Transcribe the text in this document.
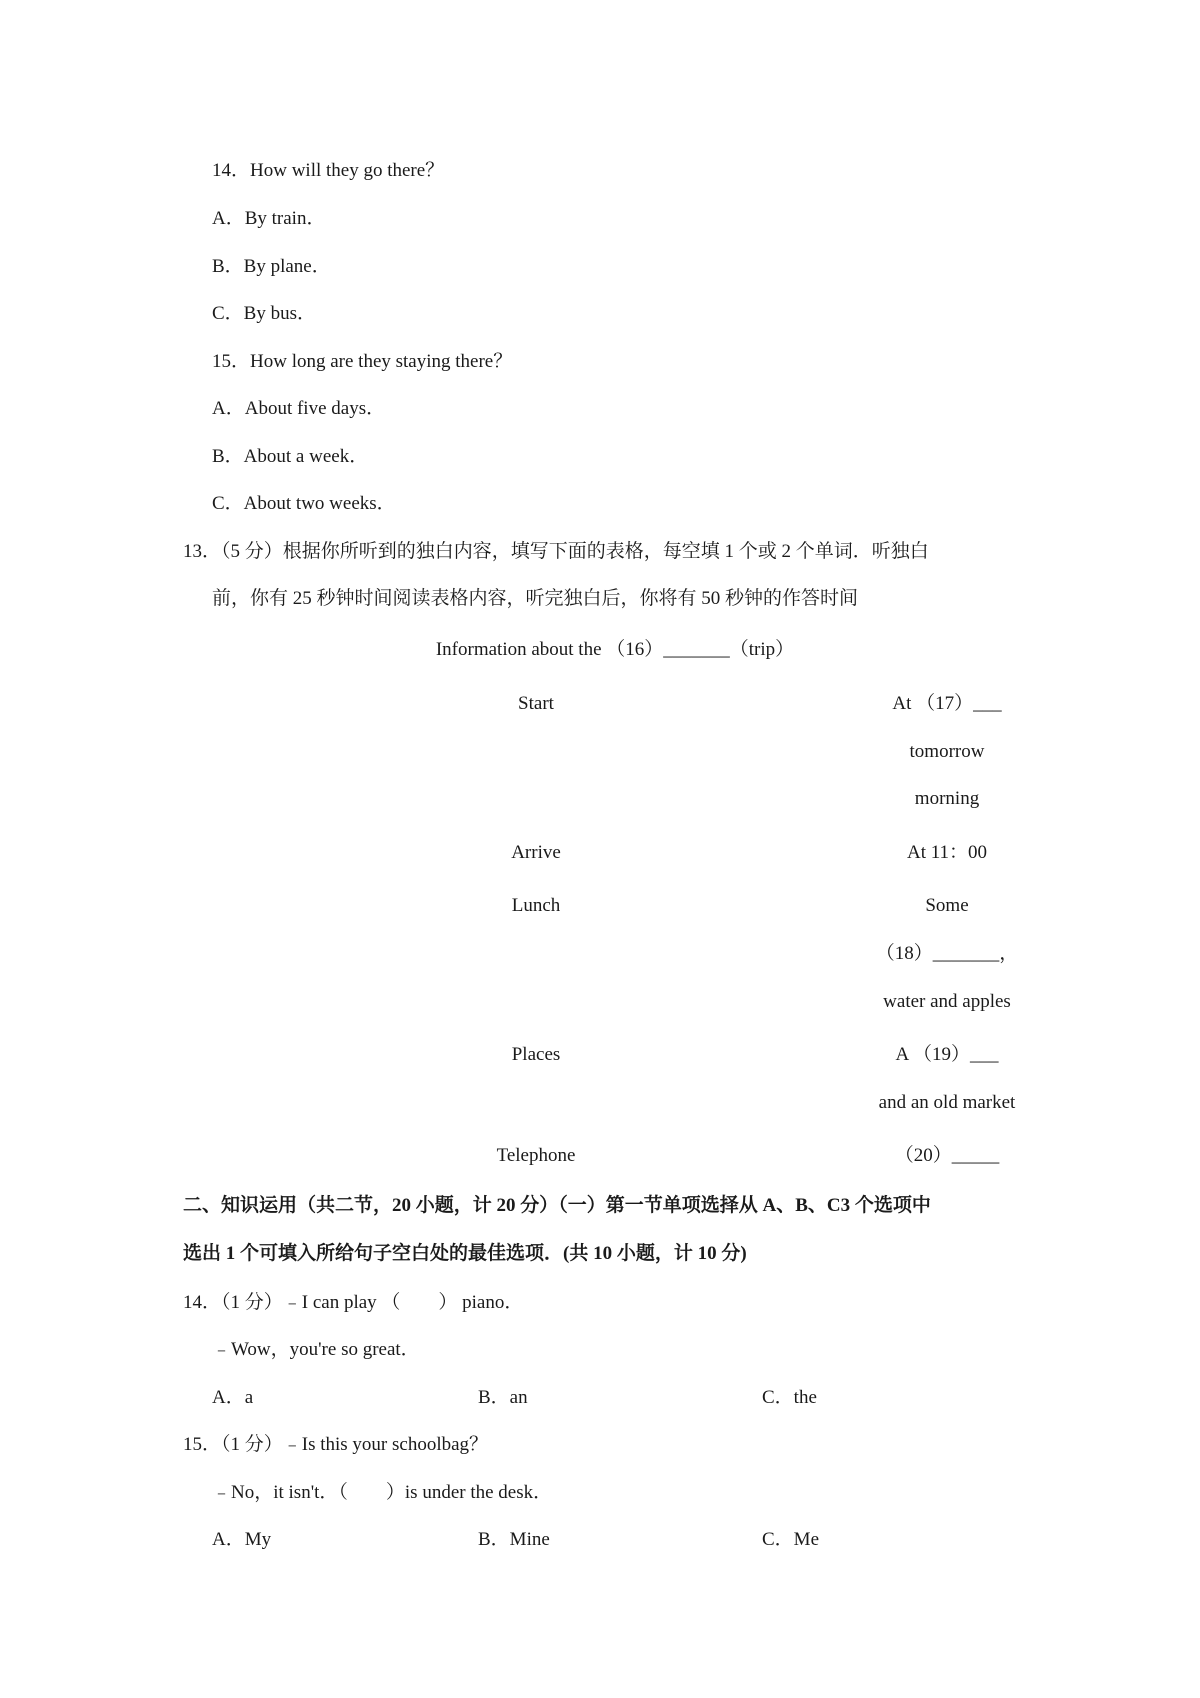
14．How will they go there？
A．By train．
B．By plane．
C．By bus．
15．How long are they staying there？
A．About five days．
B．About a week．
C．About two weeks．
13．（5 分）根据你所听到的独白内容，填写下面的表格，每空填 1 个或 2 个单词．听独白
前，你有 25 秒钟时间阅读表格内容，听完独白后，你将有 50 秒钟的作答时间
Information about the （16）_______（trip）
Start	At （17）___
tomorrow
morning
Arrive	At 11：00
Lunch	Some
（18）_______，
water and apples
Places	A （19）___
and an old market
Telephone	（20）_____
二、知识运用（共二节，20 小题，计 20 分）（一）第一节单项选择从 A、B、C3 个选项中
选出 1 个可填入所给句子空白处的最佳选项．(共 10 小题，计 10 分)
14．（1 分）﹣I can play （　　） piano．
﹣Wow，you're so great．
A．a	B．an	C．the
15．（1 分）﹣Is this your schoolbag？
﹣No，it isn't．（　　）is under the desk．
A．My	B．Mine	C．Me
